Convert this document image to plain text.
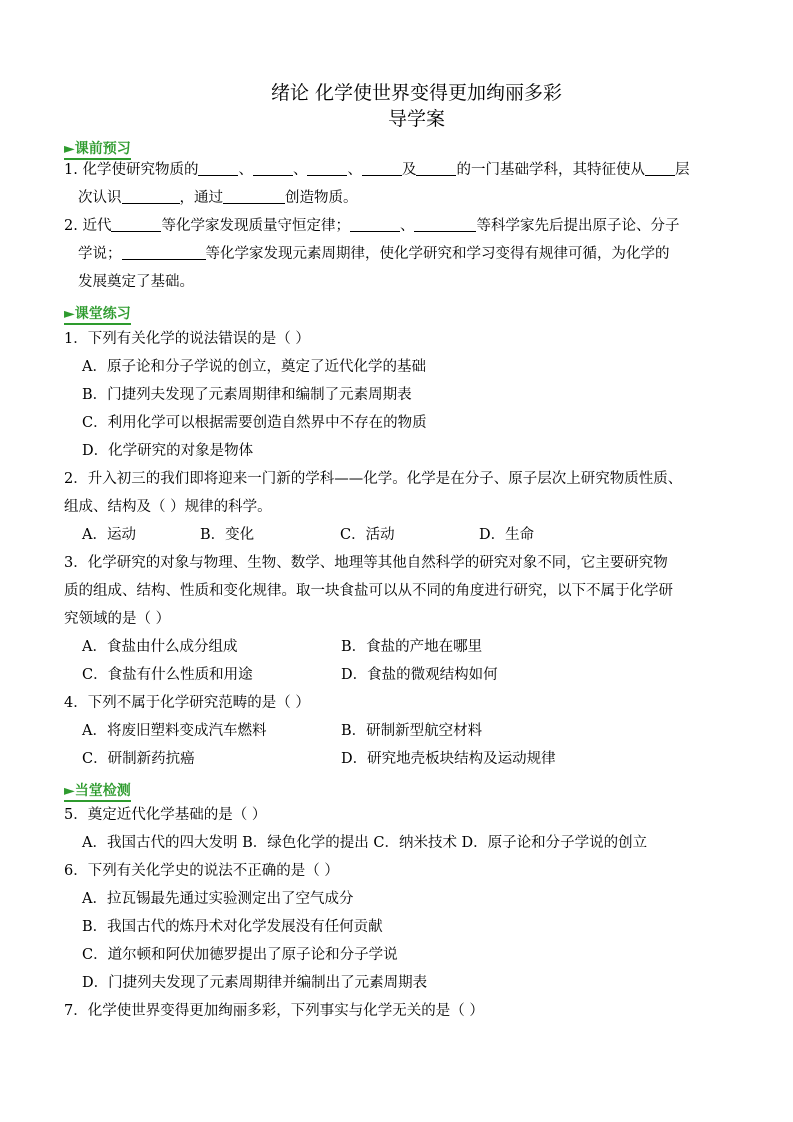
绪论 化学使世界变得更加绚丽多彩
导学案
►课前预习
1. 化学使研究物质的	、	、	、	及	的一门基础学科，其特征使从 层
次认识	，通过	创造物质。
2. 近代	等化学家发现质量守恒定律；	、	等科学家先后提出原子论、分子
学说；	等化学家发现元素周期律，使化学研究和学习变得有规律可循，为化学的
发展奠定了基础。
►课堂练习
1．下列有关化学的说法错误的是（ ）
A．原子论和分子学说的创立，奠定了近代化学的基础
B．门捷列夫发现了元素周期律和编制了元素周期表
C．利用化学可以根据需要创造自然界中不存在的物质
D．化学研究的对象是物体
2．升入初三的我们即将迎来一门新的学科——化学。化学是在分子、原子层次上研究物质性质、
组成、结构及（ ）规律的科学。
A．运动	B．变化	C．活动	D．生命
3．化学研究的对象与物理、生物、数学、地理等其他自然科学的研究对象不同，它主要研究物
质的组成、结构、性质和变化规律。取一块食盐可以从不同的角度进行研究，以下不属于化学研
究领域的是（ ）
A．食盐由什么成分组成	B．食盐的产地在哪里
C．食盐有什么性质和用途	D．食盐的微观结构如何
4．下列不属于化学研究范畴的是（ ）
A．将废旧塑料变成汽车燃料	B．研制新型航空材料
C．研制新药抗癌	D．研究地壳板块结构及运动规律
►当堂检测
5．奠定近代化学基础的是（ ）
A．我国古代的四大发明 B．绿色化学的提出 C．纳米技术 D．原子论和分子学说的创立
6．下列有关化学史的说法不正确的是（ ）
A．拉瓦锡最先通过实验测定出了空气成分
B．我国古代的炼丹术对化学发展没有任何贡献
C．道尔顿和阿伏加德罗提出了原子论和分子学说
D．门捷列夫发现了元素周期律并编制出了元素周期表
7．化学使世界变得更加绚丽多彩，下列事实与化学无关的是（ ）
